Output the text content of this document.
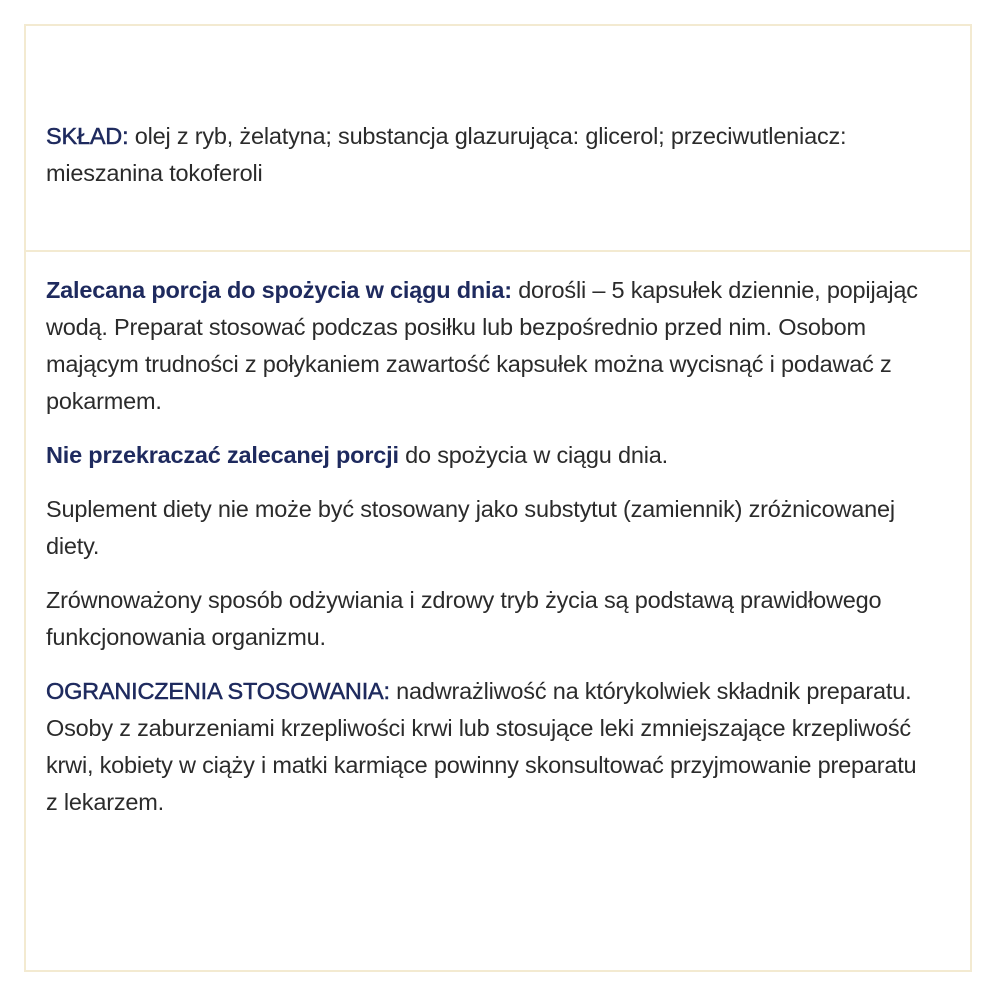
SKŁAD: olej z ryb, żelatyna; substancja glazurująca: glicerol; przeciwutleniacz: mieszanina tokoferoli

Zalecana porcja do spożycia w ciągu dnia: dorośli – 5 kapsułek dziennie, popijając wodą. Preparat stosować podczas posiłku lub bezpośrednio przed nim. Osobom mającym trudności z połykaniem zawartość kapsułek można wycisnąć i podawać z pokarmem.

Nie przekraczać zalecanej porcji do spożycia w ciągu dnia.

Suplement diety nie może być stosowany jako substytut (zamiennik) zróżnicowanej diety.

Zrównoważony sposób odżywiania i zdrowy tryb życia są podstawą prawidłowego funkcjonowania organizmu.

OGRANICZENIA STOSOWANIA: nadwrażliwość na którykolwiek składnik preparatu. Osoby z zaburzeniami krzepliwości krwi lub stosujące leki zmniejszające krzepliwość krwi, kobiety w ciąży i matki karmiące powinny skonsultować przyjmowanie preparatu z lekarzem.
